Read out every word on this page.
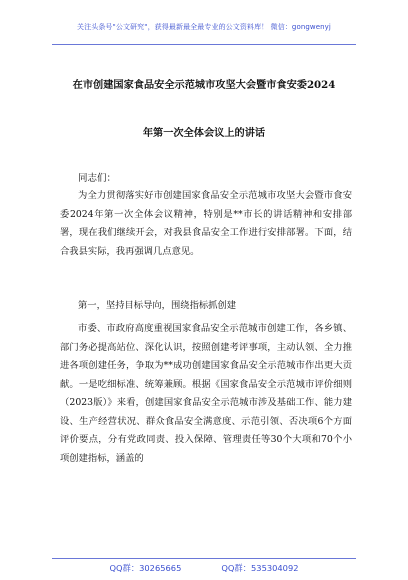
关注头条号"公文研究"，获得最新最全最专业的公文资料库！ 微信：gongwenyj
在市创建国家食品安全示范城市攻坚大会暨市食安委2024
年第一次全体会议上的讲话
同志们：
为全力贯彻落实好市创建国家食品安全示范城市攻坚大会暨市食安委2024年第一次全体会议精神，特别是**市长的讲话精神和安排部署，现在我们继续开会，对我县食品安全工作进行安排部署。下面，结合我县实际，我再强调几点意见。
第一，坚持目标导向，围绕指标抓创建
市委、市政府高度重视国家食品安全示范城市创建工作，各乡镇、部门务必提高站位、深化认识，按照创建考评事项，主动认领、全力推进各项创建任务，争取为**成功创建国家食品安全示范城市作出更大贡献。一是吃细标准、统筹兼顾。根据《国家食品安全示范城市评价细则（2023版）》来看，创建国家食品安全示范城市涉及基础工作、能力建设、生产经营状况、群众食品安全满意度、示范引领、否决项6个方面评价要点，分有党政同责、投入保障、管理责任等30个大项和70个小项创建指标，涵盖的
QQ群：30265665	QQ群：535304092
